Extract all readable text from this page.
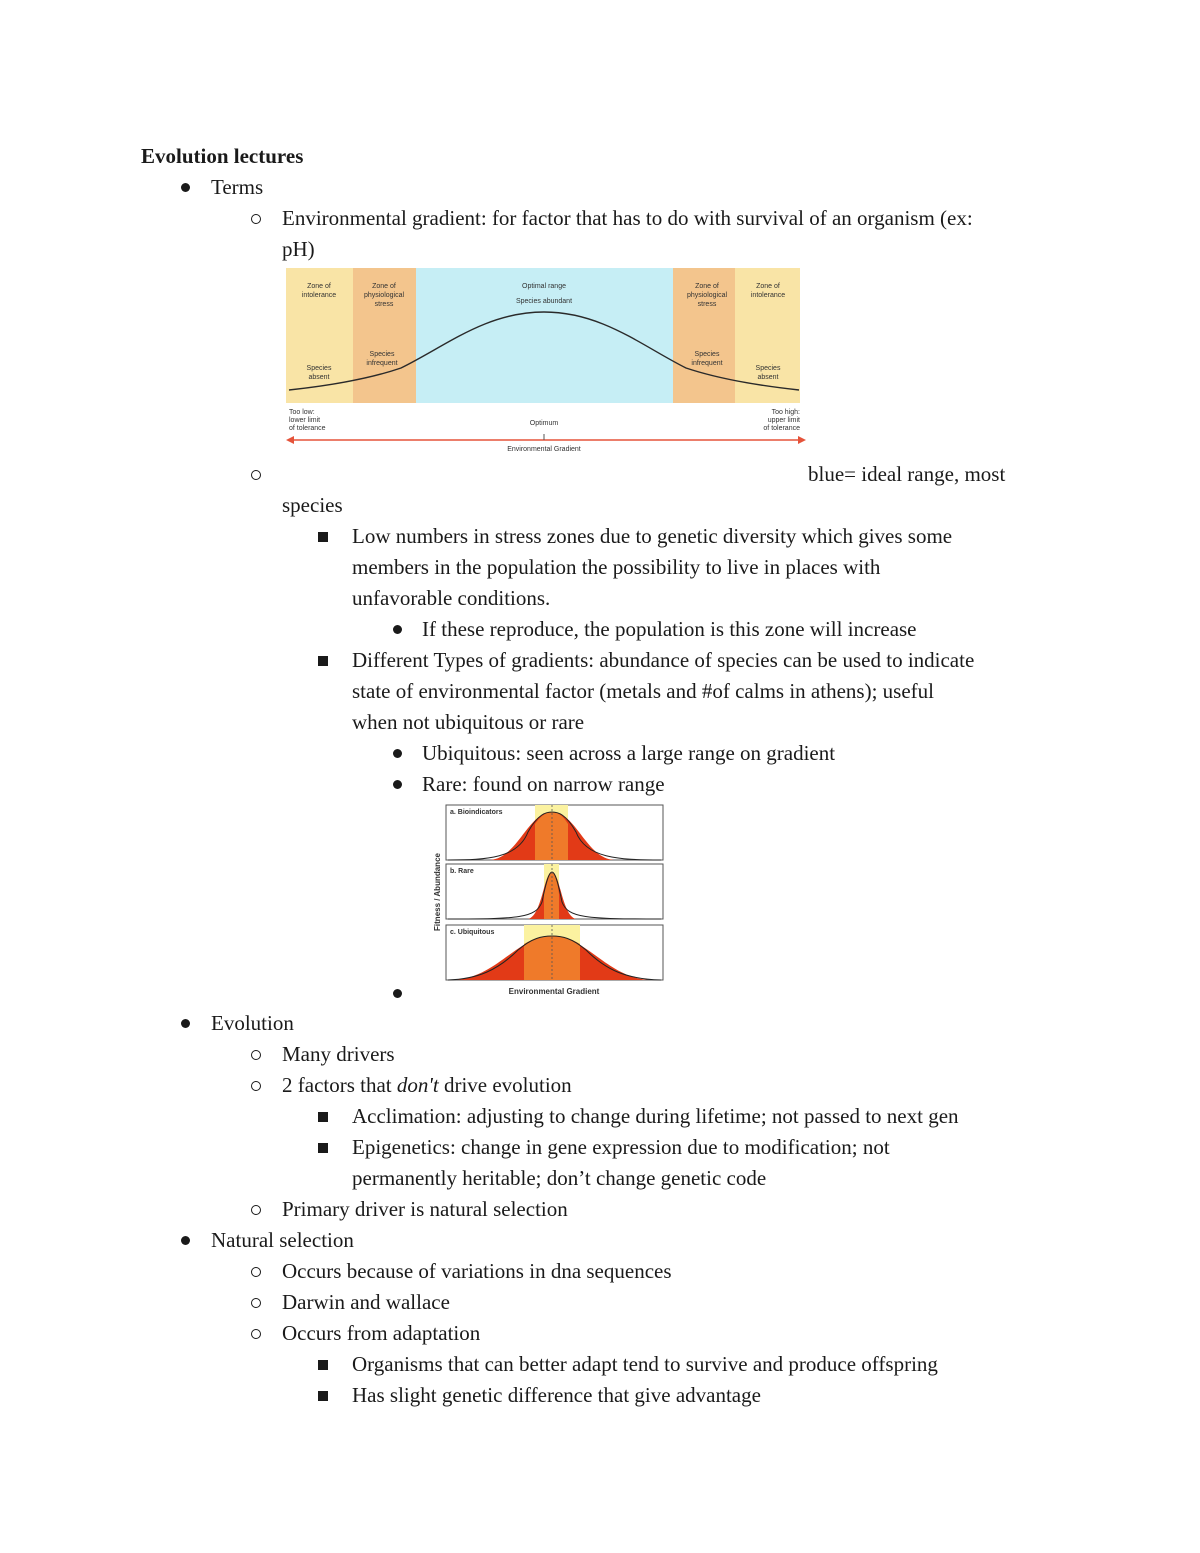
Evolution lectures
Terms
Environmental gradient: for factor that has to do with survival of an organism (ex:
pH)
Zone of intolerance
Zone of physiological stress
Optimal range Species abundant
Zone of physiological stress
Zone of intolerance
Species absent
Species infrequent
Species infrequent
Species absent
Too low: lower limit of tolerance
Too high: upper limit of tolerance
Optimum
Environmental Gradient
blue= ideal range, most
species
Low numbers in stress zones due to genetic diversity which gives some
members in the population the possibility to live in places with
unfavorable conditions.
If these reproduce, the population is this zone will increase
Different Types of gradients: abundance of species can be used to indicate
state of environmental factor (metals and #of calms in athens); useful
when not ubiquitous or rare
Ubiquitous: seen across a large range on gradient
Rare: found on narrow range
Fitness / Abundance
a. Bioindicators
b. Rare
c. Ubiquitous
Environmental Gradient
Evolution
Many drivers
2 factors that don't drive evolution
Acclimation: adjusting to change during lifetime; not passed to next gen
Epigenetics: change in gene expression due to modification; not
permanently heritable; don’t change genetic code
Primary driver is natural selection
Natural selection
Occurs because of variations in dna sequences
Darwin and wallace
Occurs from adaptation
Organisms that can better adapt tend to survive and produce offspring
Has slight genetic difference that give advantage
